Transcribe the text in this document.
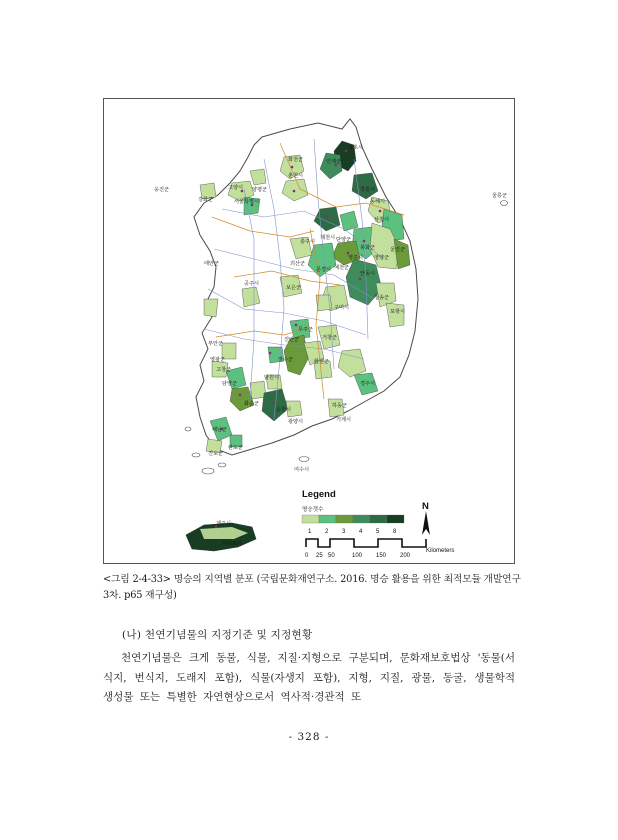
속초시
인제군
화천군
춘천시
강릉시
동해시
삼척시
고양시 양평군
서울특별시
옹진군
강화군
태안군
충주시
제천시 단양군
봉화군	울진군
영주시 영양군
괴산군
문경시 예천군
안동시
공주시
보은군
구미시
청송군
포항시
무주군
진안군	거창군
합천군
경주시
장수군
고창군
남원시
담양군
화순군
순천시
광양시
하동군
거제시
해남군
진도군
완도군
여수시
제주시
서귀포시
울릉군
부안군
영광군
Legend
명승갯수
1 2 3 4 5 8
N
Kilometers
0 25 50	100 150 200
<그림 2-4-33> 명승의 지역별 분포 (국립문화재연구소. 2016. 명승 활용을 위한 최적모듈 개발연구 3차. p65 재구성)
(나) 천연기념물의 지정기준 및 지정현황

천연기념물은 크게 동물, 식물, 지질·지형으로 구분되며, 문화재보호법상 '동물(서식지, 번식지, 도래지 포함), 식물(자생지 포함), 지형, 지질, 광물, 동굴, 생물학적 생성물 또는 특별한 자연현상으로서 역사적·경관적 또

- 328 -
